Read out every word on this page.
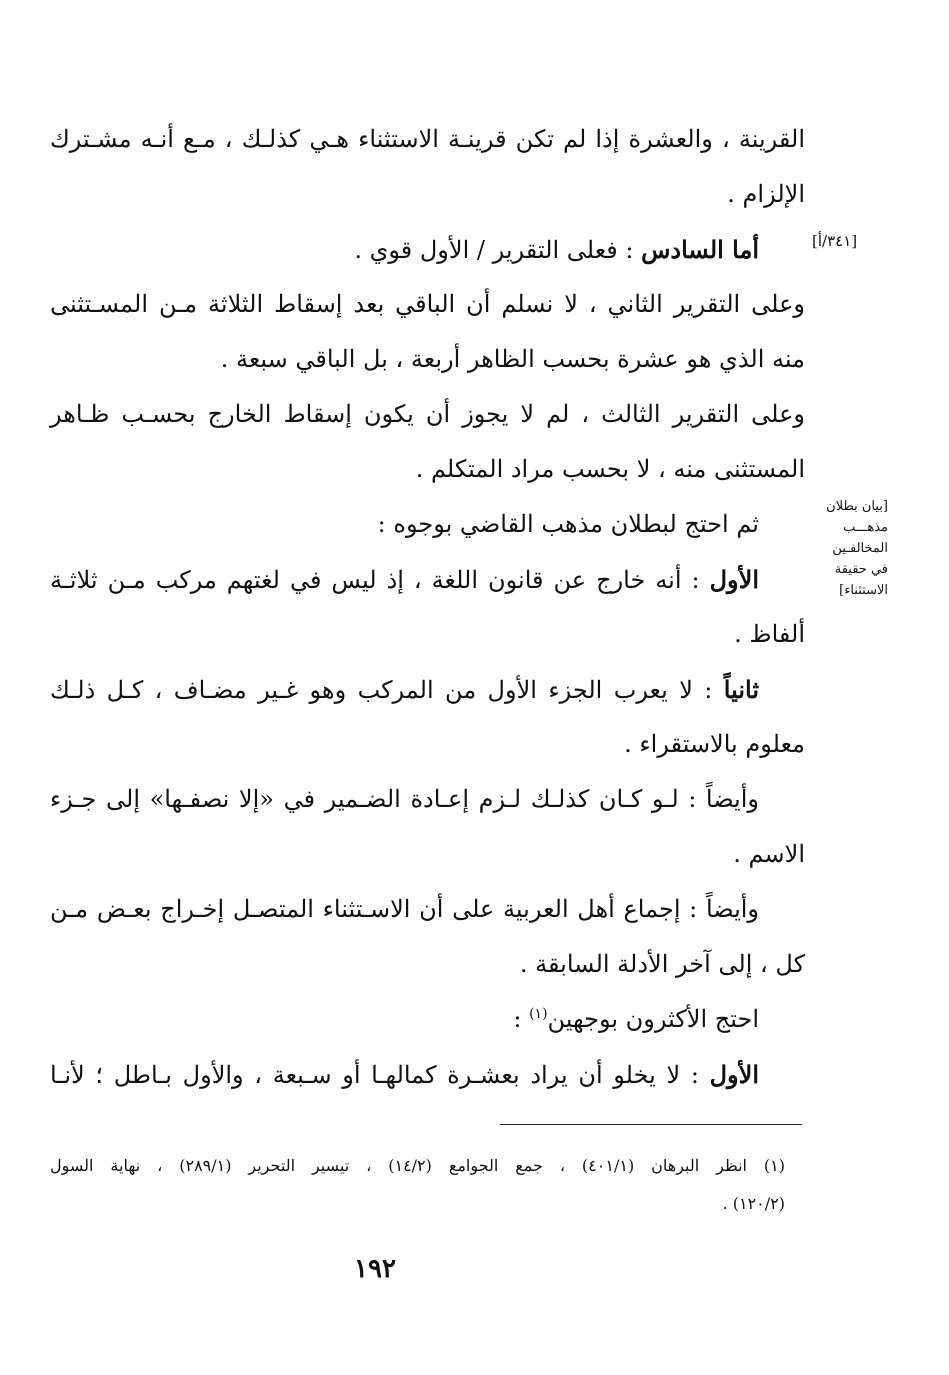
[٣٤١/أ]
[بيان بطلان
مذهـــب
المخالفـين
في حقيقة
الاستثناء]
القرينة ، والعشرة إذا لم تكن قرينـة الاستثناء هـي كذلـك ، مـع أنـه مشـترك
الإلزام .
أما السادس : فعلى التقرير / الأول قوي .
وعلى التقرير الثاني ، لا نسلم أن الباقي بعد إسقاط الثلاثة مـن المسـتثنى
منه الذي هو عشرة بحسب الظاهر أربعة ، بل الباقي سبعة .
وعلى التقرير الثالث ، لم لا يجوز أن يكون إسقاط الخارج بحسـب ظـاهر
المستثنى منه ، لا بحسب مراد المتكلم .
ثم احتج لبطلان مذهب القاضي بوجوه :
الأول : أنه خارج عن قانون اللغة ، إذ ليس في لغتهم مركب مـن ثلاثـة
ألفاظ .
ثانياً : لا يعرب الجزء الأول من المركب وهو غـير مضـاف ، كـل ذلـك
معلوم بالاستقراء .
وأيضاً : لـو كـان كذلـك لـزم إعـادة الضـمير في «إلا نصفـها» إلى جـزء
الاسم .
وأيضاً : إجماع أهل العربية على أن الاسـتثناء المتصـل إخـراج بعـض مـن
كل ، إلى آخر الأدلة السابقة .
احتج الأكثرون بوجهين$^{(١)}$ :
الأول : لا يخلو أن يراد بعشـرة كمالهـا أو سـبعة ، والأول بـاطل ؛ لأنـا
(١) انظر البرهان (٤٠١/١) ، جمع الجوامع (١٤/٢) ، تيسير التحرير (٢٨٩/١) ، نهاية السول
(١٢٠/٢) .
١٩٢
